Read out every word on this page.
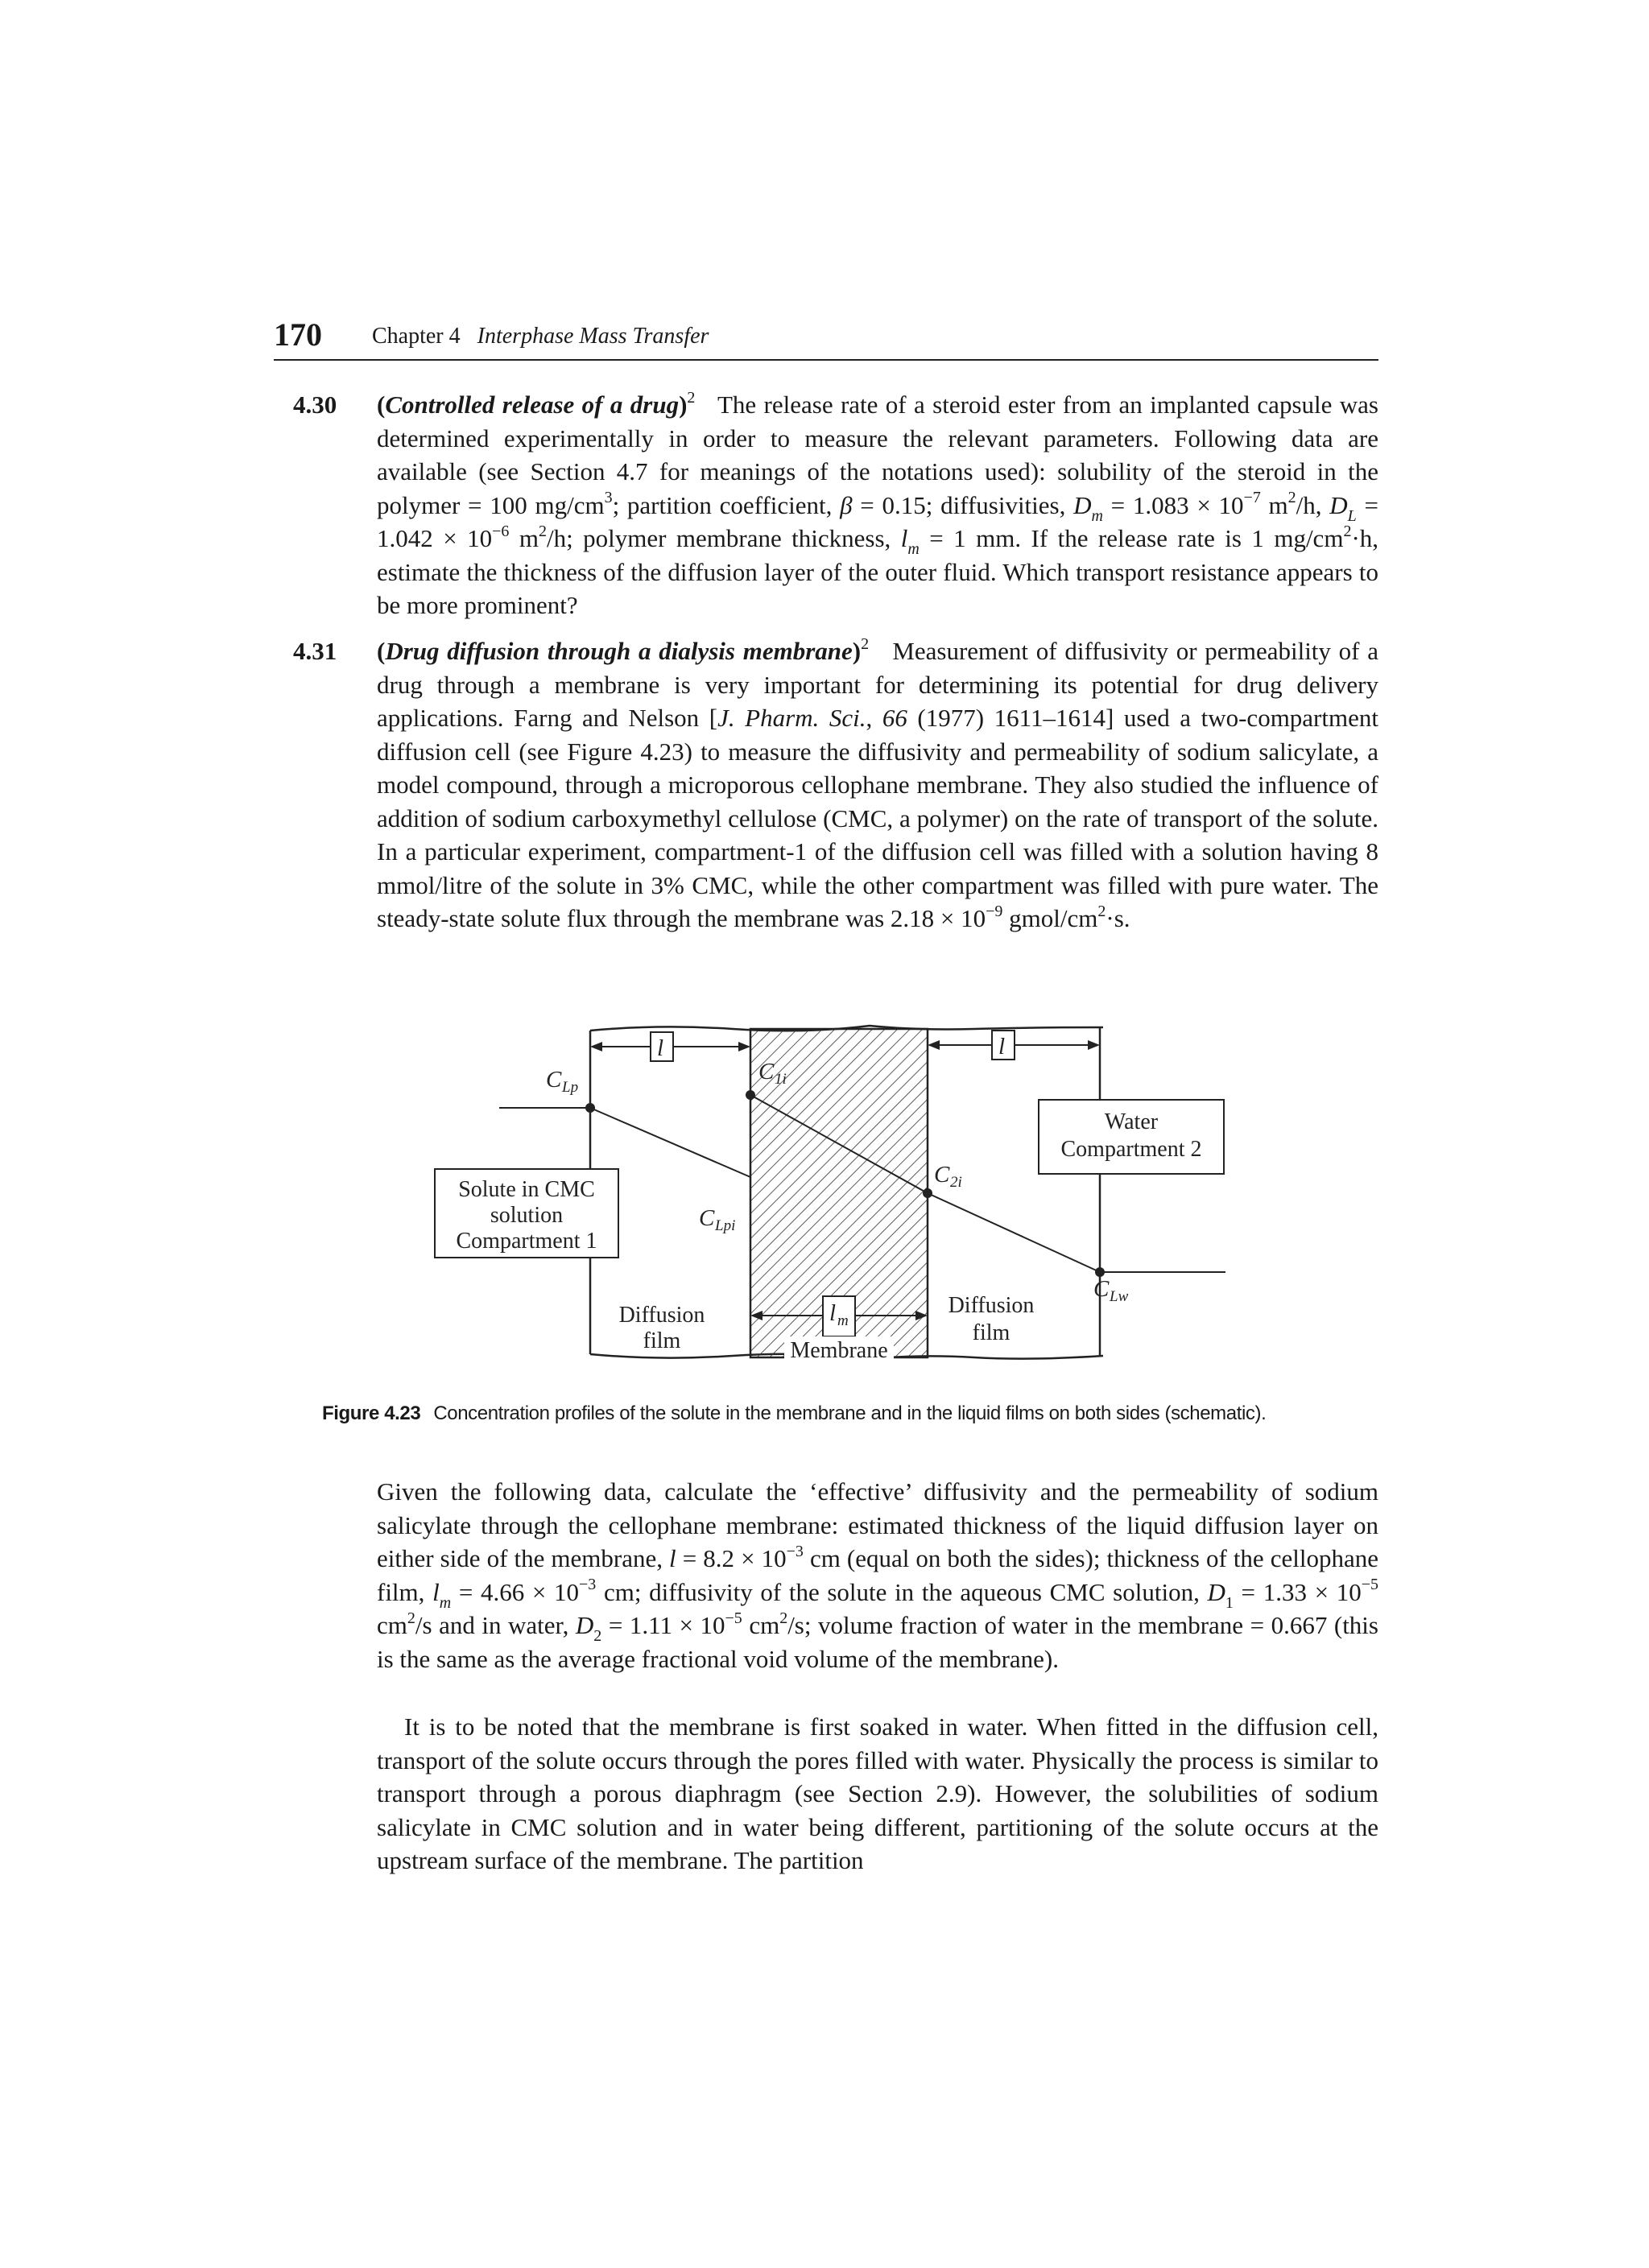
170 Chapter 4 Interphase Mass Transfer
4.30 (Controlled release of a drug)$^2$ The release rate of a steroid ester from an implanted capsule was determined experimentally in order to measure the relevant parameters. Following data are available (see Section 4.7 for meanings of the notations used): solubility of the steroid in the polymer = 100 $mg/cm^3$; partition coefficient, β = 0.15; diffusivities, $D_m = 1.083 \times 10^{-7}$ $m^2/h$, $D_L = 1.042 \times 10^{-6}$ $m^2/h$; polymer membrane thickness, $l_m = 1$ mm. If the release rate is 1 $mg/cm^2\cdot h$, estimate the thickness of the diffusion layer of the outer fluid. Which transport resistance appears to be more prominent?
4.31 (Drug diffusion through a dialysis membrane)$^2$ Measurement of diffusivity or permeability of a drug through a membrane is very important for determining its potential for drug delivery applications. Farng and Nelson [J. Pharm. Sci., 66 (1977) 1611–1614] used a two-compartment diffusion cell (see Figure 4.23) to measure the diffusivity and permeability of sodium salicylate, a model compound, through a microporous cellophane membrane. They also studied the influence of addition of sodium carboxymethyl cellulose (CMC, a polymer) on the rate of transport of the solute. In a particular experiment, compartment-1 of the diffusion cell was filled with a solution having 8 mmol/litre of the solute in 3% CMC, while the other compartment was filled with pure water. The steady-state solute flux through the membrane was $2.18 \times 10^{-9}$ gmol/$cm^2\cdot s$.
l	l
l m
C Lp
C 1i
C 2i
C Lpi
C Lw
Solute in CMC
solution
Compartment 1
Water
Compartment 2
Diffusion
film
Diffusion
film
Membrane
Figure 4.23 Concentration profiles of the solute in the membrane and in the liquid films on both sides (schematic).
Given the following data, calculate the ‘effective’ diffusivity and the permeability of sodium salicylate through the cellophane membrane: estimated thickness of the liquid diffusion layer on either side of the membrane, $l = 8.2 \times 10^{-3}$ cm (equal on both the sides); thickness of the cellophane film, $l_m = 4.66 \times 10^{-3}$ cm; diffusivity of the solute in the aqueous CMC solution, $D_1 = 1.33 \times 10^{-5}$ $cm^2/s$ and in water, $D_2 = 1.11 \times 10^{-5}$ $cm^2/s$; volume fraction of water in the membrane = 0.667 (this is the same as the average fractional void volume of the membrane).
It is to be noted that the membrane is first soaked in water. When fitted in the diffusion cell, transport of the solute occurs through the pores filled with water. Physically the process is similar to transport through a porous diaphragm (see Section 2.9). However, the solubilities of sodium salicylate in CMC solution and in water being different, partitioning of the solute occurs at the upstream surface of the membrane. The partition
